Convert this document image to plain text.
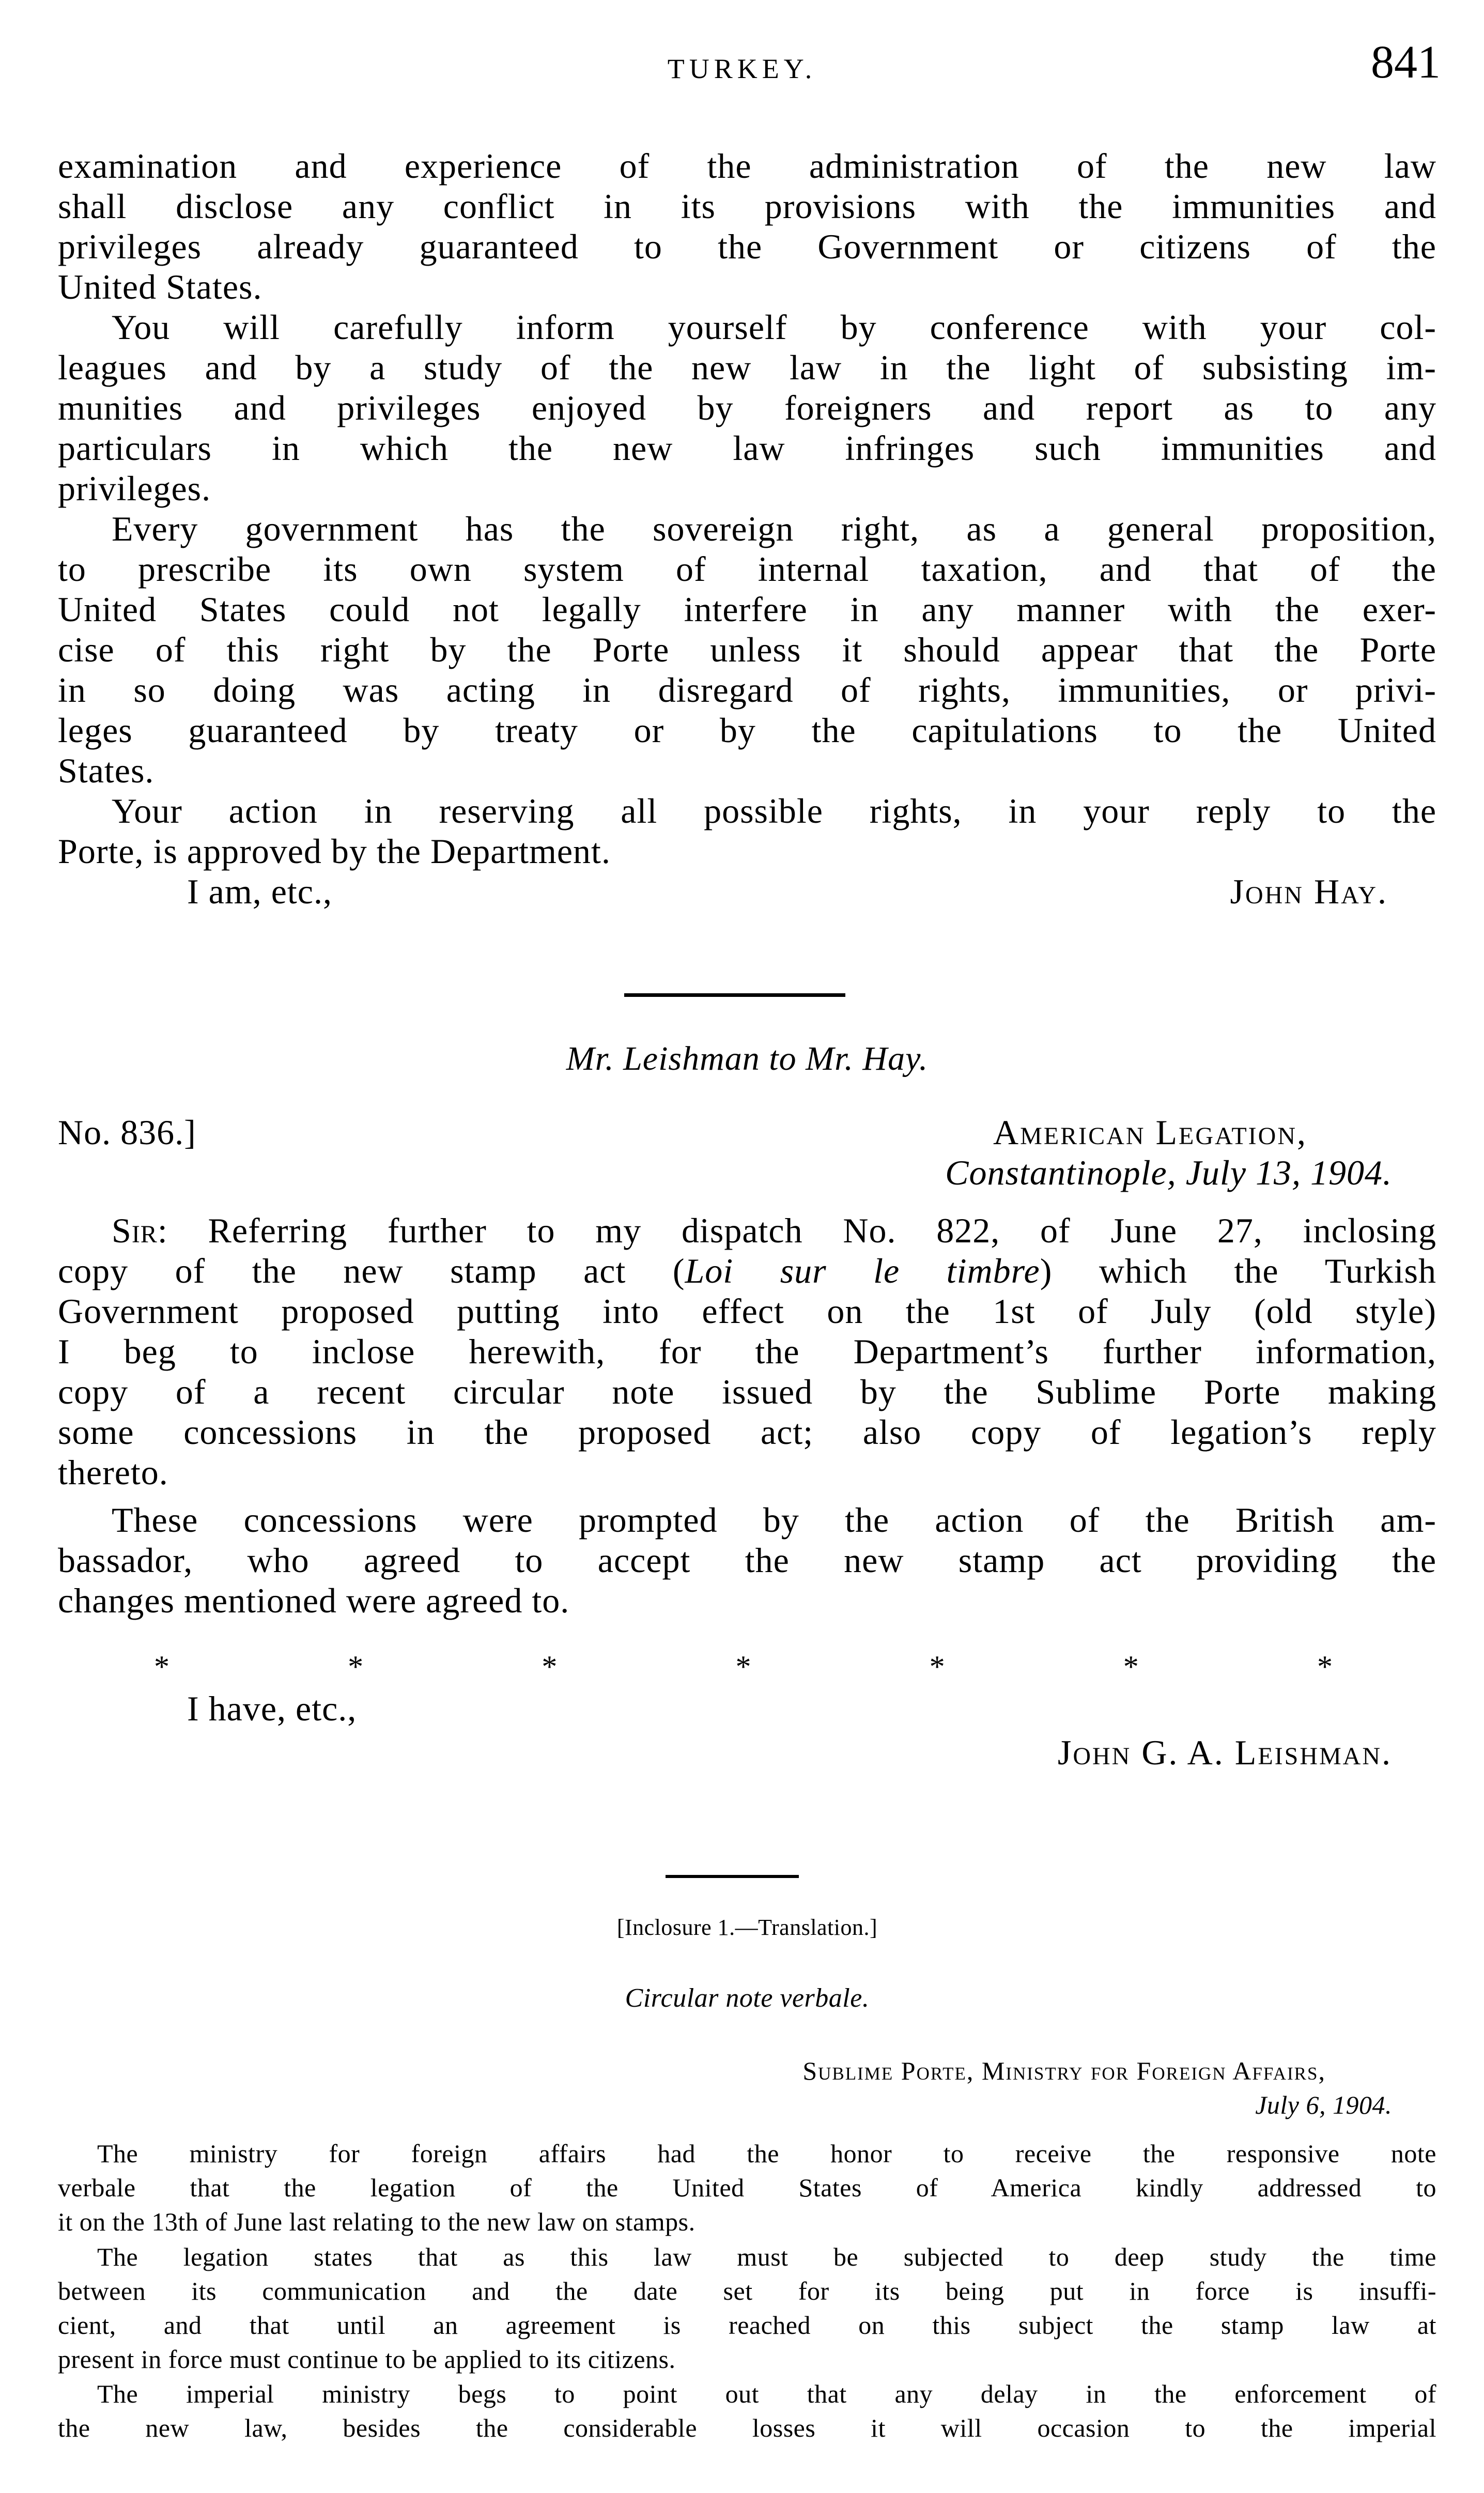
TURKEY.	841
examination and experience of the administration of the new law
shall disclose any conflict in its provisions with the immunities and
privileges already guaranteed to the Government or citizens of the
United States.
You will carefully inform yourself by conference with your col-
leagues and by a study of the new law in the light of subsisting im-
munities and privileges enjoyed by foreigners and report as to any
particulars in which the new law infringes such immunities and
privileges.
Every government has the sovereign right, as a general proposition,
to prescribe its own system of internal taxation, and that of the
United States could not legally interfere in any manner with the exer-
cise of this right by the Porte unless it should appear that the Porte
in so doing was acting in disregard of rights, immunities, or privi-
leges guaranteed by treaty or by the capitulations to the United
States.
Your action in reserving all possible rights, in your reply to the
Porte, is approved by the Department.
I am, etc.,	John Hay.
Mr. Leishman to Mr. Hay.
No. 836.]	American Legation,
Constantinople, July 13, 1904.
Sir: Referring further to my dispatch No. 822, of June 27, inclosing
copy of the new stamp act (Loi sur le timbre) which the Turkish
Government proposed putting into effect on the 1st of July (old style)
I beg to inclose herewith, for the Department’s further information,
copy of a recent circular note issued by the Sublime Porte making
some concessions in the proposed act; also copy of legation’s reply
thereto.
These concessions were prompted by the action of the British am-
bassador, who agreed to accept the new stamp act providing the
changes mentioned were agreed to.
*	*	*	*	*	*	*
I have, etc.,
John G. A. Leishman.
[Inclosure 1.—Translation.]
Circular note verbale.
Sublime Porte, Ministry for Foreign Affairs,
July 6, 1904.
The ministry for foreign affairs had the honor to receive the responsive note
verbale that the legation of the United States of America kindly addressed to
it on the 13th of June last relating to the new law on stamps.
The legation states that as this law must be subjected to deep study the time
between its communication and the date set for its being put in force is insuffi-
cient, and that until an agreement is reached on this subject the stamp law at
present in force must continue to be applied to its citizens.
The imperial ministry begs to point out that any delay in the enforcement of
the new law, besides the considerable losses it will occasion to the imperial
